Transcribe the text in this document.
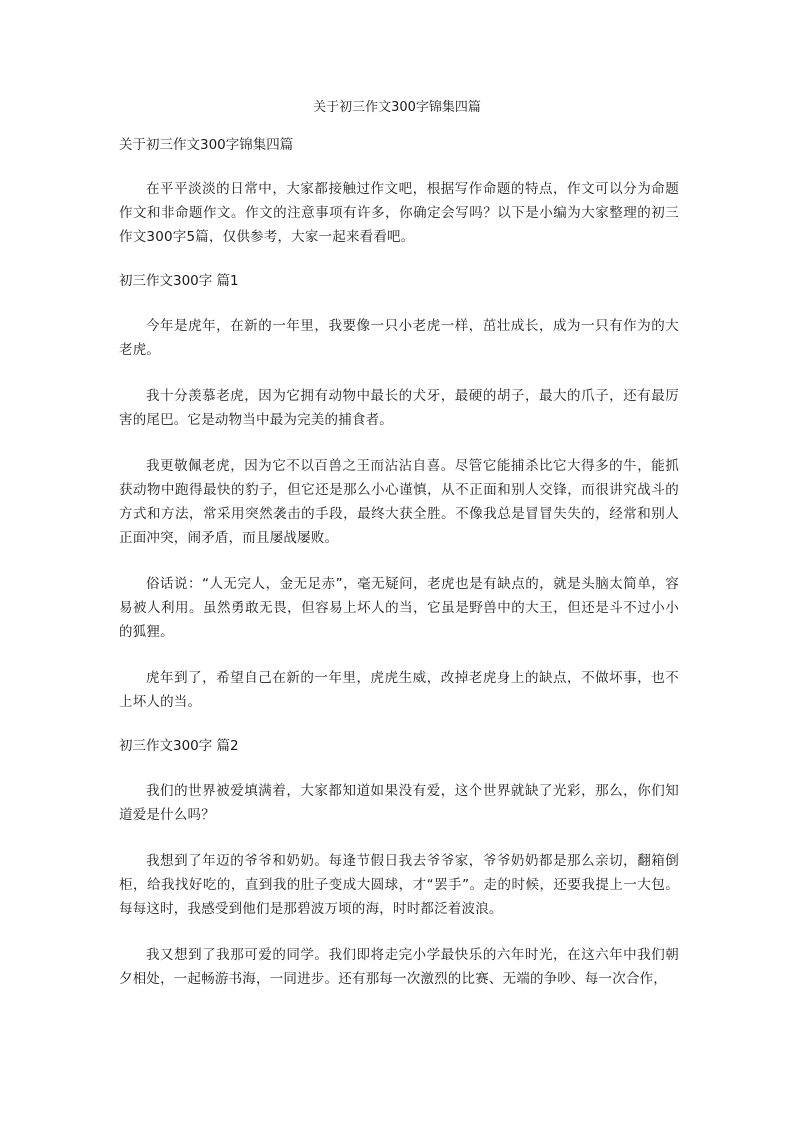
关于初三作文300字锦集四篇

关于初三作文300字锦集四篇

在平平淡淡的日常中，大家都接触过作文吧，根据写作命题的特点，作文可以分为命题作文和非命题作文。作文的注意事项有许多，你确定会写吗？以下是小编为大家整理的初三作文300字5篇，仅供参考，大家一起来看看吧。

初三作文300字 篇1

今年是虎年，在新的一年里，我要像一只小老虎一样，茁壮成长，成为一只有作为的大老虎。

我十分羡慕老虎，因为它拥有动物中最长的犬牙，最硬的胡子，最大的爪子，还有最厉害的尾巴。它是动物当中最为完美的捕食者。

我更敬佩老虎，因为它不以百兽之王而沾沾自喜。尽管它能捕杀比它大得多的牛，能抓获动物中跑得最快的豹子，但它还是那么小心谨慎，从不正面和别人交锋，而很讲究战斗的方式和方法，常采用突然袭击的手段，最终大获全胜。不像我总是冒冒失失的，经常和别人正面冲突，闹矛盾，而且屡战屡败。

俗话说：“人无完人，金无足赤”，毫无疑问，老虎也是有缺点的，就是头脑太简单，容易被人利用。虽然勇敢无畏，但容易上坏人的当，它虽是野兽中的大王，但还是斗不过小小的狐狸。

虎年到了，希望自己在新的一年里，虎虎生威，改掉老虎身上的缺点，不做坏事，也不上坏人的当。

初三作文300字 篇2

我们的世界被爱填满着，大家都知道如果没有爱，这个世界就缺了光彩，那么，你们知道爱是什么吗？

我想到了年迈的爷爷和奶奶。每逢节假日我去爷爷家，爷爷奶奶都是那么亲切，翻箱倒柜，给我找好吃的，直到我的肚子变成大圆球，才“罢手”。走的时候，还要我提上一大包。每每这时，我感受到他们是那碧波万顷的海，时时都泛着波浪。

我又想到了我那可爱的同学。我们即将走完小学最快乐的六年时光，在这六年中我们朝夕相处，一起畅游书海，一同进步。还有那每一次激烈的比赛、无端的争吵、每一次合作，
